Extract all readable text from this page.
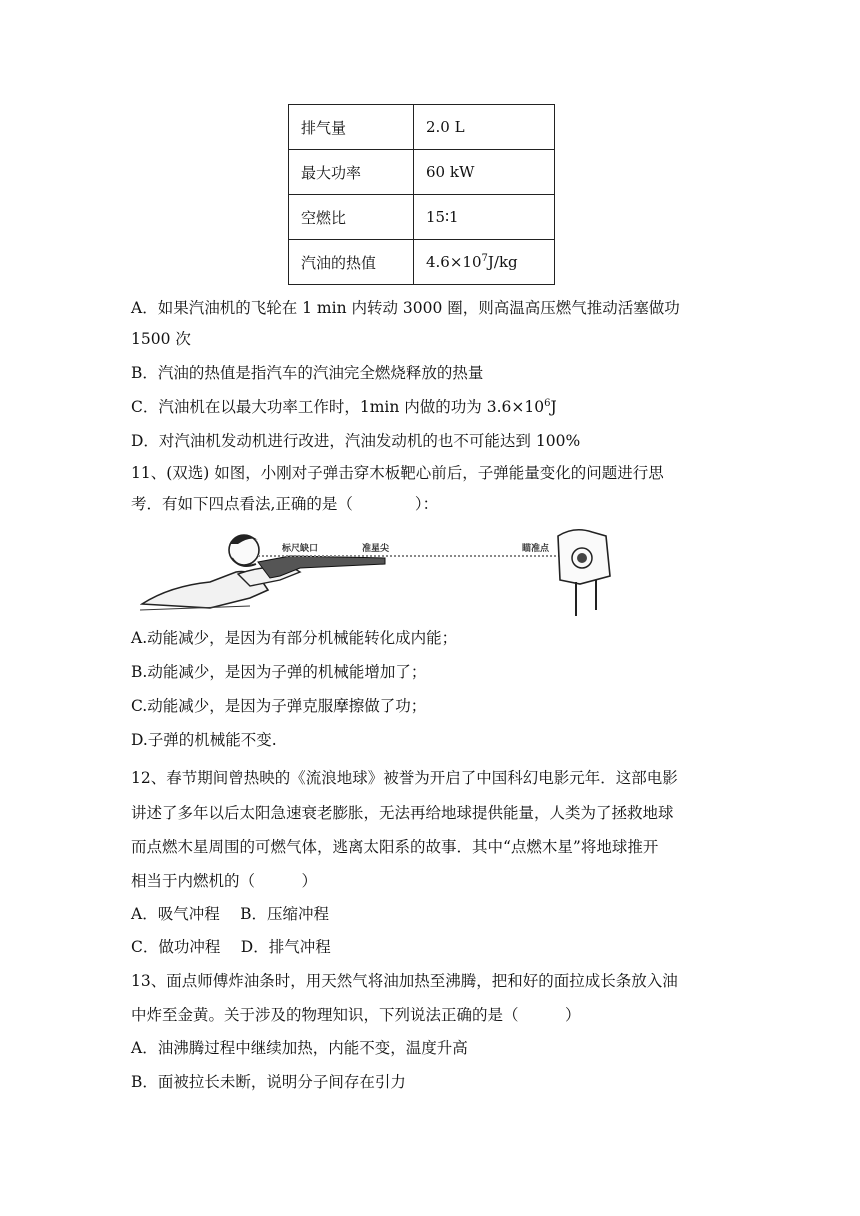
排气量	2.0 L
最大功率	60 kW
空燃比	15∶1
汽油的热值	$4.6\times 10^7J/kg$
A．如果汽油机的飞轮在 1 min 内转动 3000 圈，则高温高压燃气推动活塞做功
1500 次
B．汽油的热值是指汽车的汽油完全燃烧释放的热量
C．汽油机在以最大功率工作时，1min 内做的功为 $3.6\times 10^6J$
D．对汽油机发动机进行改进，汽油发动机的也不可能达到 100%
11、(双选) 如图，小刚对子弹击穿木板靶心前后，子弹能量变化的问题进行思
考．有如下四点看法,正确的是（　　　　）：
标尺缺口	准星尖	瞄准点
A.动能减少，是因为有部分机械能转化成内能；
B.动能减少，是因为子弹的机械能增加了；
C.动能减少，是因为子弹克服摩擦做了功；
D.子弹的机械能不变.
12、春节期间曾热映的《流浪地球》被誉为开启了中国科幻电影元年．这部电影
讲述了多年以后太阳急速衰老膨胀，无法再给地球提供能量，人类为了拯救地球
而点燃木星周围的可燃气体，逃离太阳系的故事．其中“点燃木星”将地球推开
相当于内燃机的（　　　）
A．吸气冲程　 B．压缩冲程
C．做功冲程　 D．排气冲程
13、面点师傅炸油条时，用天然气将油加热至沸腾，把和好的面拉成长条放入油
中炸至金黄。关于涉及的物理知识，下列说法正确的是（　　　）
A．油沸腾过程中继续加热，内能不变，温度升高
B．面被拉长未断，说明分子间存在引力
